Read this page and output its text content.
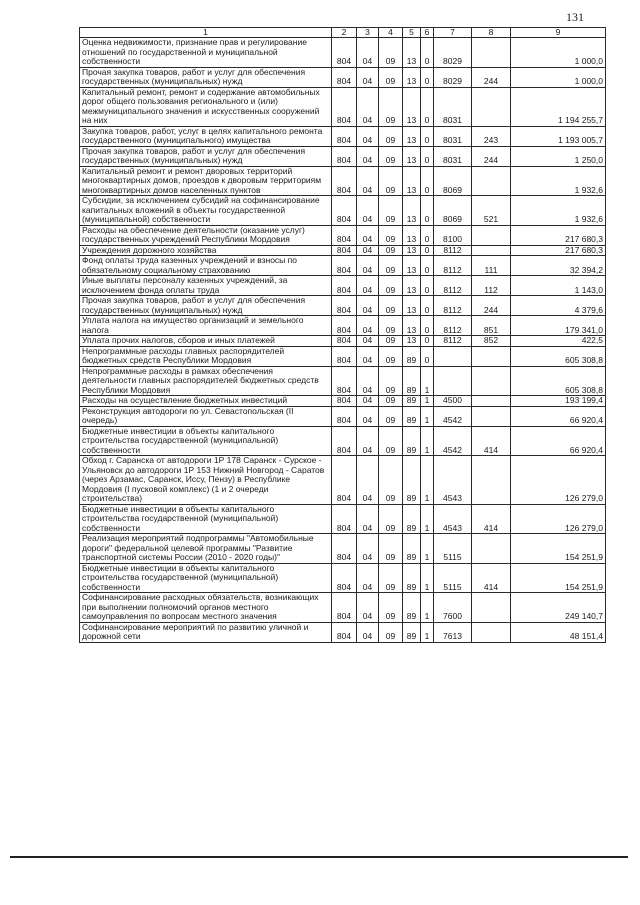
131
1	2	3	4	5	6	7	8	9
Оценка недвижимости, признание прав и регулирование отношений по государственной и муниципальной собственности	804	04	09	13	0	8029		1 000,0
Прочая закупка товаров, работ и услуг для обеспечения государственных (муниципальных) нужд	804	04	09	13	0	8029	244	1 000,0
Капитальный ремонт, ремонт и содержание автомобильных дорог общего пользования регионального и (или) межмуниципального значения и искусственных сооружений на них	804	04	09	13	0	8031		1 194 255,7
Закупка товаров, работ, услуг в целях капитального ремонта государственного (муниципального) имущества	804	04	09	13	0	8031	243	1 193 005,7
Прочая закупка товаров, работ и услуг для обеспечения государственных (муниципальных) нужд	804	04	09	13	0	8031	244	1 250,0
Капитальный ремонт и ремонт дворовых территорий многоквартирных домов, проездов к дворовым территориям многоквартирных домов населенных пунктов	804	04	09	13	0	8069		1 932,6
Субсидии, за исключением субсидий на софинансирование капитальных вложений в объекты государственной (муниципальной) собственности	804	04	09	13	0	8069	521	1 932,6
Расходы на обеспечение деятельности (оказание услуг) государственных учреждений Республики Мордовия	804	04	09	13	0	8100		217 680,3
Учреждения дорожного хозяйства	804	04	09	13	0	8112		217 680,3
Фонд оплаты труда казенных учреждений и взносы по обязательному социальному страхованию	804	04	09	13	0	8112	111	32 394,2
Иные выплаты персоналу казенных учреждений, за исключением фонда оплаты труда	804	04	09	13	0	8112	112	1 143,0
Прочая закупка товаров, работ и услуг для обеспечения государственных (муниципальных) нужд	804	04	09	13	0	8112	244	4 379,6
Уплата налога на имущество организаций и земельного налога	804	04	09	13	0	8112	851	179 341,0
Уплата прочих налогов, сборов и иных платежей	804	04	09	13	0	8112	852	422,5
Непрограммные расходы главных распорядителей бюджетных средств Республики Мордовия	804	04	09	89	0			605 308,8
Непрограммные расходы в рамках обеспечения деятельности главных распорядителей бюджетных средств Республики Мордовия	804	04	09	89	1			605 308,8
Расходы на осуществление бюджетных инвестиций	804	04	09	89	1	4500		193 199,4
Реконструкция автодороги по ул. Севастопольская (II очередь)	804	04	09	89	1	4542		66 920,4
Бюджетные инвестиции в объекты капитального строительства государственной (муниципальной) собственности	804	04	09	89	1	4542	414	66 920,4
Обход г. Саранска от автодороги 1Р 178 Саранск - Сурское - Ульяновск до автодороги 1Р 153 Нижний Новгород - Саратов (через Арзамас, Саранск, Иссу, Пензу) в Республике Мордовия (I пусковой комплекс) (1 и 2 очереди строительства)	804	04	09	89	1	4543		126 279,0
Бюджетные инвестиции в объекты капитального строительства государственной (муниципальной) собственности	804	04	09	89	1	4543	414	126 279,0
Реализация мероприятий подпрограммы "Автомобильные дороги" федеральной целевой программы "Развитие транспортной системы России (2010 - 2020 годы)"	804	04	09	89	1	5115		154 251,9
Бюджетные инвестиции в объекты капитального строительства государственной (муниципальной) собственности	804	04	09	89	1	5115	414	154 251,9
Софинансирование расходных обязательств, возникающих при выполнении полномочий органов местного самоуправления по вопросам местного значения	804	04	09	89	1	7600		249 140,7
Софинансирование мероприятий по развитию уличной и дорожной сети	804	04	09	89	1	7613		48 151,4
